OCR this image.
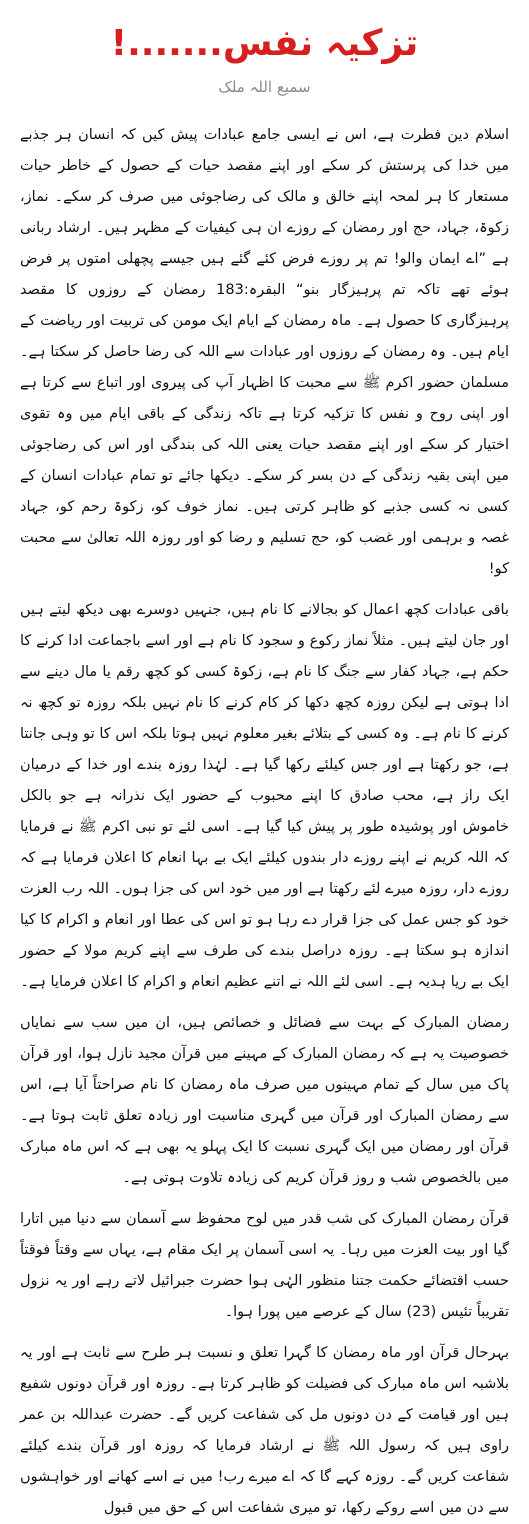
تزکیہ نفس.......!
سمیع اللہ ملک

اسلام دین فطرت ہے، اس نے ایسی جامع عبادات پیش کیں کہ انسان ہر جذبے میں خدا کی پرستش کر سکے اور اپنے مقصد حیات کے حصول کے خاطر حیات مستعار کا ہر لمحہ اپنے خالق و مالک کی رضاجوئی میں صرف کر سکے۔ نماز، زکوۃ، جہاد، حج اور رمضان کے روزے ان ہی کیفیات کے مظہر ہیں۔ ارشاد ربانی ہے ”اے ایمان والو! تم پر روزے فرض کئے گئے ہیں جیسے پچھلی امتوں پر فرض ہوئے تھے تاکہ تم پرہیزگار بنو“ البقرہ:183 رمضان کے روزوں کا مقصد پرہیزگاری کا حصول ہے۔ ماہ رمضان کے ایام ایک مومن کی تربیت اور ریاضت کے ایام ہیں۔ وہ رمضان کے روزوں اور عبادات سے اللہ کی رضا حاصل کر سکتا ہے۔ مسلمان حضور اکرم ﷺ سے محبت کا اظہار آپ کی پیروی اور اتباع سے کرتا ہے اور اپنی روح و نفس کا تزکیہ کرتا ہے تاکہ زندگی کے باقی ایام میں وہ تقوی اختیار کر سکے اور اپنے مقصد حیات یعنی اللہ کی بندگی اور اس کی رضاجوئی میں اپنی بقیہ زندگی کے دن بسر کر سکے۔ دیکھا جائے تو تمام عبادات انسان کے کسی نہ کسی جذبے کو ظاہر کرتی ہیں۔ نماز خوف کو، زکوۃ رحم کو، جہاد غصہ و برہمی اور غضب کو، حج تسلیم و رضا کو اور روزہ اللہ تعالیٰ سے محبت کو!

باقی عبادات کچھ اعمال کو بجالانے کا نام ہیں، جنہیں دوسرے بھی دیکھ لیتے ہیں اور جان لیتے ہیں۔ مثلاً نماز رکوع و سجود کا نام ہے اور اسے باجماعت ادا کرنے کا حکم ہے، جہاد کفار سے جنگ کا نام ہے، زکوۃ کسی کو کچھ رقم یا مال دینے سے ادا ہوتی ہے لیکن روزہ کچھ دکھا کر کام کرنے کا نام نہیں بلکہ روزہ تو کچھ نہ کرنے کا نام ہے۔ وہ کسی کے بتلائے بغیر معلوم نہیں ہوتا بلکہ اس کا تو وہی جانتا ہے، جو رکھتا ہے اور جس کیلئے رکھا گیا ہے۔ لہٰذا روزہ بندے اور خدا کے درمیان ایک راز ہے، محب صادق کا اپنے محبوب کے حضور ایک نذرانہ ہے جو بالکل خاموش اور پوشیدہ طور پر پیش کیا گیا ہے۔ اسی لئے تو نبی اکرم ﷺ نے فرمایا کہ اللہ کریم نے اپنے روزے دار بندوں کیلئے ایک بے بہا انعام کا اعلان فرمایا ہے کہ روزے دار، روزہ میرے لئے رکھتا ہے اور میں خود اس کی جزا ہوں۔ اللہ رب العزت خود کو جس عمل کی جزا قرار دے رہا ہو تو اس کی عطا اور انعام و اکرام کا کیا اندازہ ہو سکتا ہے۔ روزہ دراصل بندے کی طرف سے اپنے کریم مولا کے حضور ایک بے ریا ہدیہ ہے۔ اسی لئے اللہ نے اتنے عظیم انعام و اکرام کا اعلان فرمایا ہے۔

رمضان المبارک کے بہت سے فضائل و خصائص ہیں، ان میں سب سے نمایاں خصوصیت یہ ہے کہ رمضان المبارک کے مہینے میں قرآن مجید نازل ہوا، اور قرآن پاک میں سال کے تمام مہینوں میں صرف ماہ رمضان کا نام صراحتاً آیا ہے، اس سے رمضان المبارک اور قرآن میں گہری مناسبت اور زیادہ تعلق ثابت ہوتا ہے۔ قرآن اور رمضان میں ایک گہری نسبت کا ایک پہلو یہ بھی ہے کہ اس ماہ مبارک میں بالخصوص شب و روز قرآن کریم کی زیادہ تلاوت ہوتی ہے۔

قرآن رمضان المبارک کی شب قدر میں لوح محفوظ سے آسمان سے دنیا میں اتارا گیا اور بیت العزت میں رہا۔ یہ اسی آسمان پر ایک مقام ہے، یہاں سے وقتاً فوقتاً حسب اقتضائے حکمت جتنا منظور الہٰی ہوا حضرت جبرائیل لاتے رہے اور یہ نزول تقریباً تئیس (23) سال کے عرصے میں پورا ہوا۔

بہرحال قرآن اور ماہ رمضان کا گہرا تعلق و نسبت ہر طرح سے ثابت ہے اور یہ بلاشبہ اس ماہ مبارک کی فضیلت کو ظاہر کرتا ہے۔ روزہ اور قرآن دونوں شفیع ہیں اور قیامت کے دن دونوں مل کی شفاعت کریں گے۔ حضرت عبداللہ بن عمر راوی ہیں کہ رسول اللہ ﷺ نے ارشاد فرمایا کہ روزہ اور قرآن بندے کیلئے شفاعت کریں گے۔ روزہ کہے گا کہ اے میرے رب! میں نے اسے کھانے اور خواہشوں سے دن میں اسے روکے رکھا، تو میری شفاعت اس کے حق میں قبول
